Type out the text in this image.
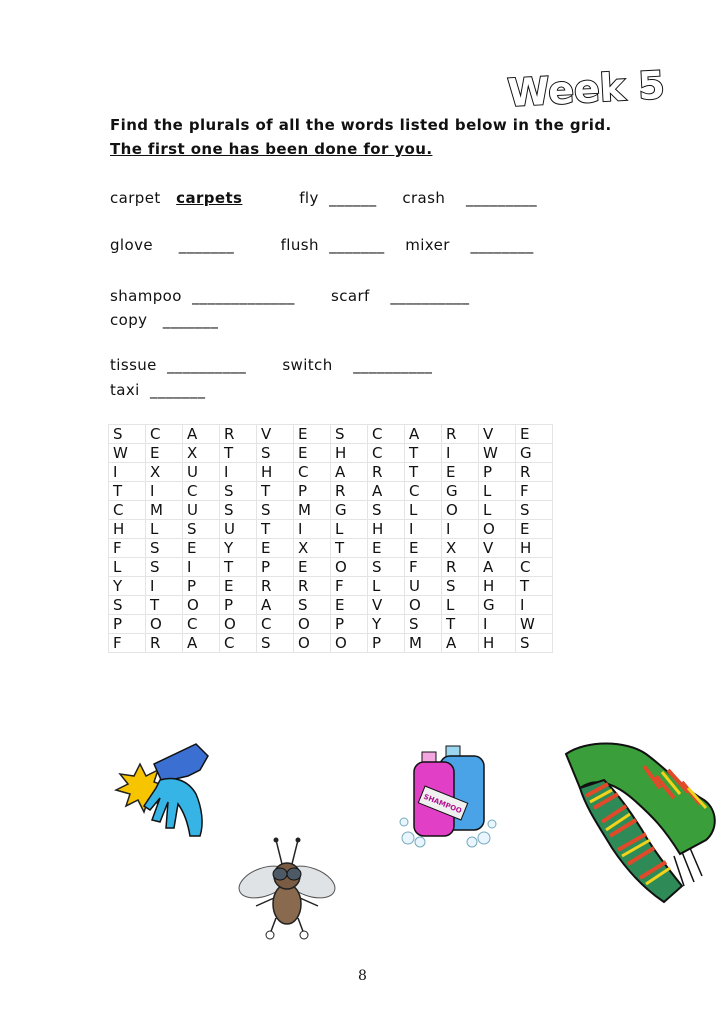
Week 5
Find the plurals of all the words listed below in the grid.
The first one has been done for you.
carpet   carpets           fly  ______     crash    _________
glove     _______         flush  _______    mixer    ________
shampoo  _____________       scarf    __________
copy   _______
tissue  __________       switch    __________
taxi  _______
S	C	A	R	V	E	S	C	A	R	V	E
W	E	X	T	S	E	H	C	T	I	W	G
I	X	U	I	H	C	A	R	T	E	P	R
T	I	C	S	T	P	R	A	C	G	L	F
C	M	U	S	S	M	G	S	L	O	L	S
H	L	S	U	T	I	L	H	I	I	O	E
F	S	E	Y	E	X	T	E	E	X	V	H
L	S	I	T	P	E	O	S	F	R	A	C
Y	I	P	E	R	R	F	L	U	S	H	T
S	T	O	P	A	S	E	V	O	L	G	I
P	O	C	O	C	O	P	Y	S	T	I	W
F	R	A	C	S	O	O	P	M	A	H	S
SHAMPOO
8
